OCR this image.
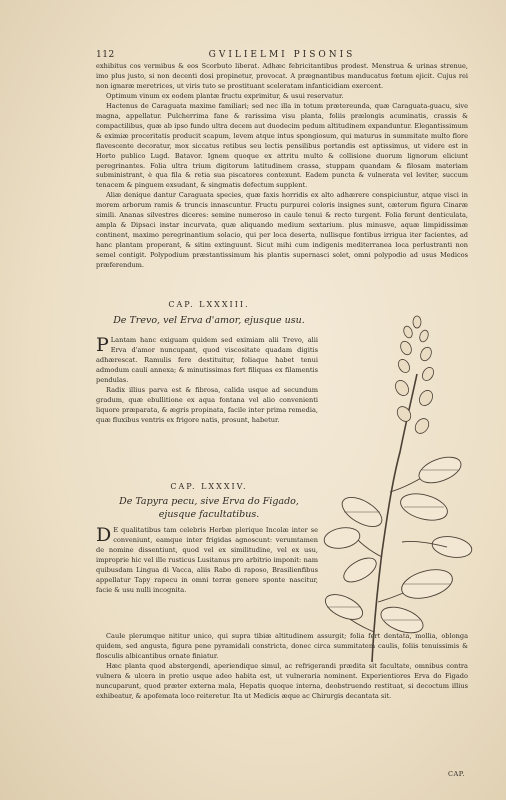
112	GVILIELMI PISONIS

exhibitus cos vermibus & eos Scorbuto liberat. Adhæc febricitantibus prodest. Menstrua & urinas strenue, imo plus justo, si non decenti dosi propinetur, provocat. A prægnantibus manducatus fœtum ejicit. Cujus rei non ignaræ meretrices, ut viris tuto se prostituant sceleratam infanticidiam exercent.

Optimum vinum ex eodem plantæ fructu exprimitur, & usui reservatur.

Hactenus de Caraguata maxime familiari; sed nec illa in totum prætereunda, quæ Caraguata-guacu, sive magna, appellatur. Pulcherrima fane & rarissima visu planta, foliis prælongis acuminatis, crassis & compactilibus, quæ ab ipso fundo ultra decem aut duodecim pedum altitudinem expanduntur. Elegantissimum & eximiæ proceritatis producit scapum, levem atque intus spongiosum, qui maturus in summitate multo flore flavescente decoratur, mox siccatus retibus seu lectis pensilibus portandis est aptissimus, ut videre est in Horto publico Lugd. Batavor. Ignem quoque ex attritu multo & collisione duorum lignorum eliciunt peregrinantes. Folia ultra trium digitorum latitudinem crassa, stuppam quandam & filosam materiam subministrant, è qua fila & retia sua piscatores contexunt. Eadem puncta & vulnerata vel leviter, succum tenacem & pinguem exsudant, & singmatis defectum supplent.

Aliæ denique dantur Caraguata species, quæ faxis horridis ex alto adhærere conspiciuntur, atque visci in morem arborum ramis & truncis innascuntur. Fructu purpurei coloris insignes sunt, cæterum figura Cinaræ simili. Ananas silvestres diceres: semine numeroso in caule tenui & recto turgent. Folia ferunt denticulata, ampla & Dipsaci instar incurvata, quæ aliquando medium sextarium. plus minusve, aquæ limpidissimæ continent, maximo peregrinantium solacio, qui per loca deserta, nullisque fontibus irrigua iter facientes, ad hanc plantam properant, & sitim extinguunt. Sicut mihi cum indigenis mediterranea loca perlustranti non semel contigit. Polypodium præstantissimum his plantis supernasci solet, omni polypodio ad usus Medicos præferendum.

CAP. LXXXIII.
De Trevo, vel Erva d'amor, ejusque usu.

P Lantam hanc exiguam quidem sed eximiam alii Trevo, alii Erva d'amor nuncupant, quod viscositate quadam digitis adhærescat. Ramulis fere destituitur, foliaque habet tenui admodum cauli annexa; & minutissimas fert filiquas ex filamentis pendulas.

Radix illius parva est & fibrosa, calida usque ad secundum gradum, quæ ebullitione ex aqua fontana vel alio convenienti liquore præparata, & ægris propinata, facile inter prima remedia, quæ fluxibus ventris ex frigore natis, prosunt, habetur.

CAP. LXXXIV.
De Tapyra pecu, sive Erva do Figado,
ejusque facultatibus.

D E qualitatibus tam celebris Herbæ plerique Incolæ inter se conveniunt, eamque inter frigidas agnoscunt: verumtamen de nomine dissentiunt, quod vel ex similitudine, vel ex usu, improprie hic vel ille rusticus Lusitanus pro arbitrio imponit: nam quibusdam Lingua di Vacca, aliis Rabo di raposo, Brasilienfibus appellatur Tapy rapecu in omni terræ genere sponte nascitur, facie & usu nulli incognita.

Caule plerumque nititur unico, qui supra tibiæ altitudinem assurgit; folia fert dentata, mollia, oblonga quidem, sed angusta, figura pene pyramidali constricta, donec circa summitatem caulis, foliis tenuissimis & flosculis albicantibus ornate finiatur.

Hæc planta quod abstergendi, aperiendique simul, ac refrigerandi prædita sit facultate, omnibus contra vulnera & ulcera in pretio usque adeo habita est, ut vulneraria nominent. Experientiores Erva do Figado nuncuparunt, quod præter externa mala, Hepatis quoque interna, deobstruendo restituat, si decoctum illius exhibeatur, & apofemata loco reiteretur. Ita ut Medicis æque ac Chirurgis decantata sit.

CAP.
